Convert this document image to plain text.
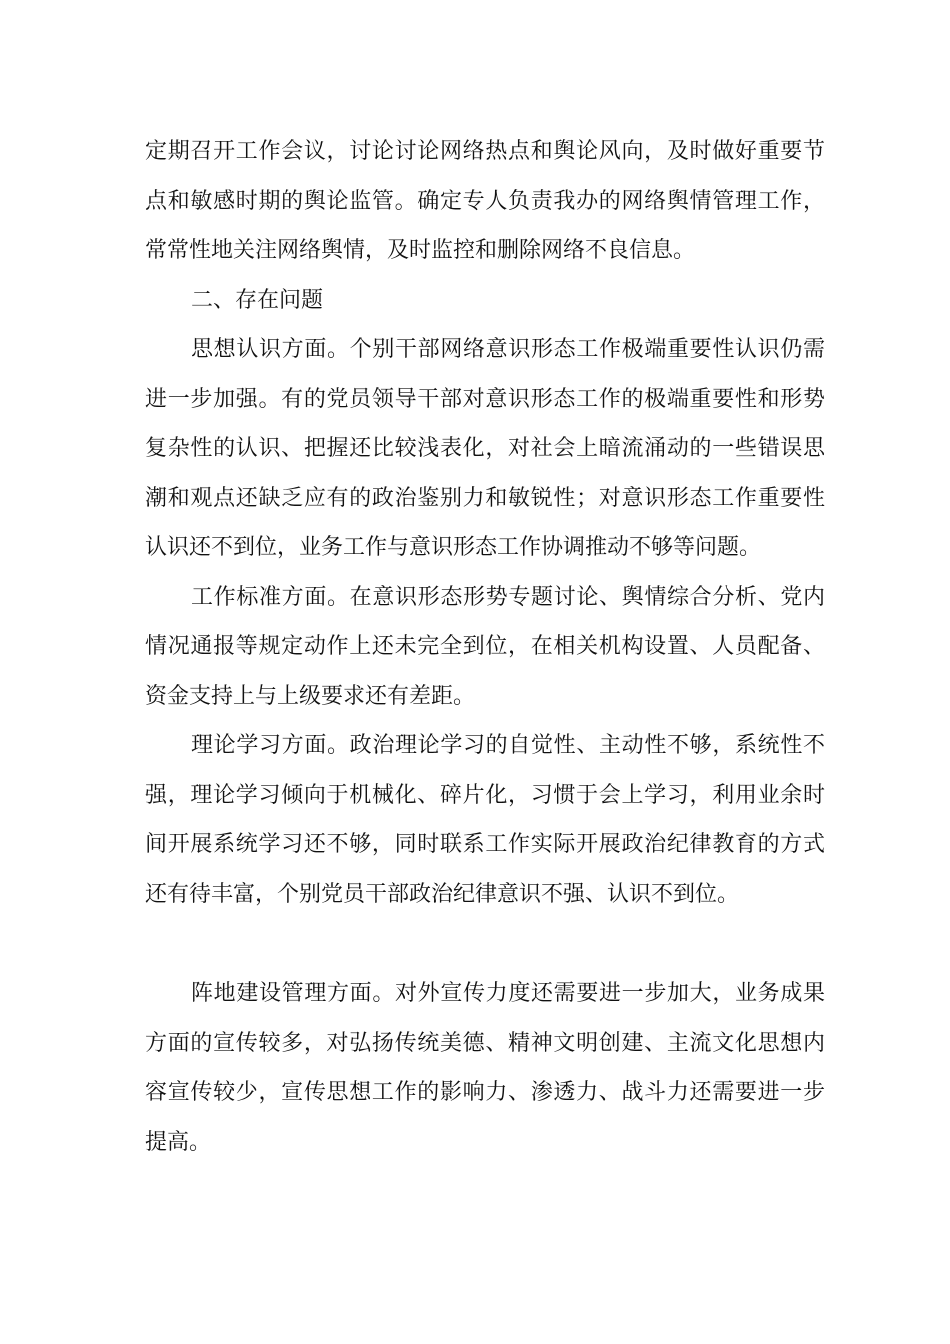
定期召开工作会议，讨论讨论网络热点和舆论风向，及时做好重要节点和敏感时期的舆论监管。确定专人负责我办的网络舆情管理工作，常常性地关注网络舆情，及时监控和删除网络不良信息。

二、存在问题

思想认识方面。个别干部网络意识形态工作极端重要性认识仍需进一步加强。有的党员领导干部对意识形态工作的极端重要性和形势复杂性的认识、把握还比较浅表化，对社会上暗流涌动的一些错误思潮和观点还缺乏应有的政治鉴别力和敏锐性；对意识形态工作重要性认识还不到位，业务工作与意识形态工作协调推动不够等问题。

工作标准方面。在意识形态形势专题讨论、舆情综合分析、党内情况通报等规定动作上还未完全到位，在相关机构设置、人员配备、资金支持上与上级要求还有差距。

理论学习方面。政治理论学习的自觉性、主动性不够，系统性不强，理论学习倾向于机械化、碎片化，习惯于会上学习，利用业余时间开展系统学习还不够，同时联系工作实际开展政治纪律教育的方式还有待丰富，个别党员干部政治纪律意识不强、认识不到位。

阵地建设管理方面。对外宣传力度还需要进一步加大，业务成果方面的宣传较多，对弘扬传统美德、精神文明创建、主流文化思想内容宣传较少，宣传思想工作的影响力、渗透力、战斗力还需要进一步提高。
